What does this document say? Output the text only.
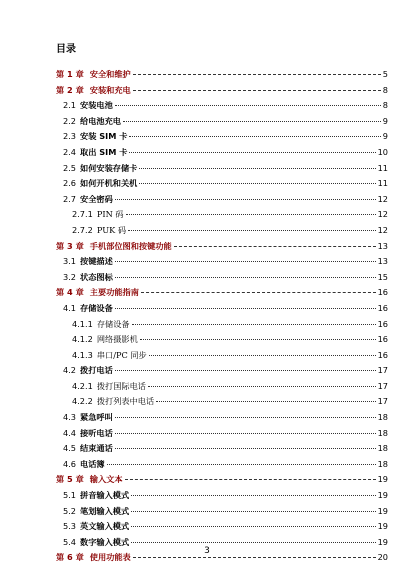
目录
第 1 章 安全和维护	5
第 2 章 安装和充电	8
2.1 安装电池	8
2.2 给电池充电	9
2.3 安装 SIM 卡	9
2.4 取出 SIM 卡	10
2.5 如何安装存储卡	11
2.6 如何开机和关机	11
2.7 安全密码	12
2.7.1 PIN 码	12
2.7.2 PUK 码	12
第 3 章 手机部位图和按键功能	13
3.1 按键描述	13
3.2 状态图标	15
第 4 章 主要功能指南	16
4.1 存储设备	16
4.1.1 存储设备	16
4.1.2 网络摄影机	16
4.1.3 串口/PC 同步	16
4.2 拨打电话	17
4.2.1 拨打国际电话	17
4.2.2 拨打列表中电话	17
4.3 紧急呼叫	18
4.4 接听电话	18
4.5 结束通话	18
4.6 电话簿	18
第 5 章 输入文本	19
5.1 拼音输入模式	19
5.2 笔划输入模式	19
5.3 英文输入模式	19
5.4 数字输入模式	19
第 6 章 使用功能表	20
3
